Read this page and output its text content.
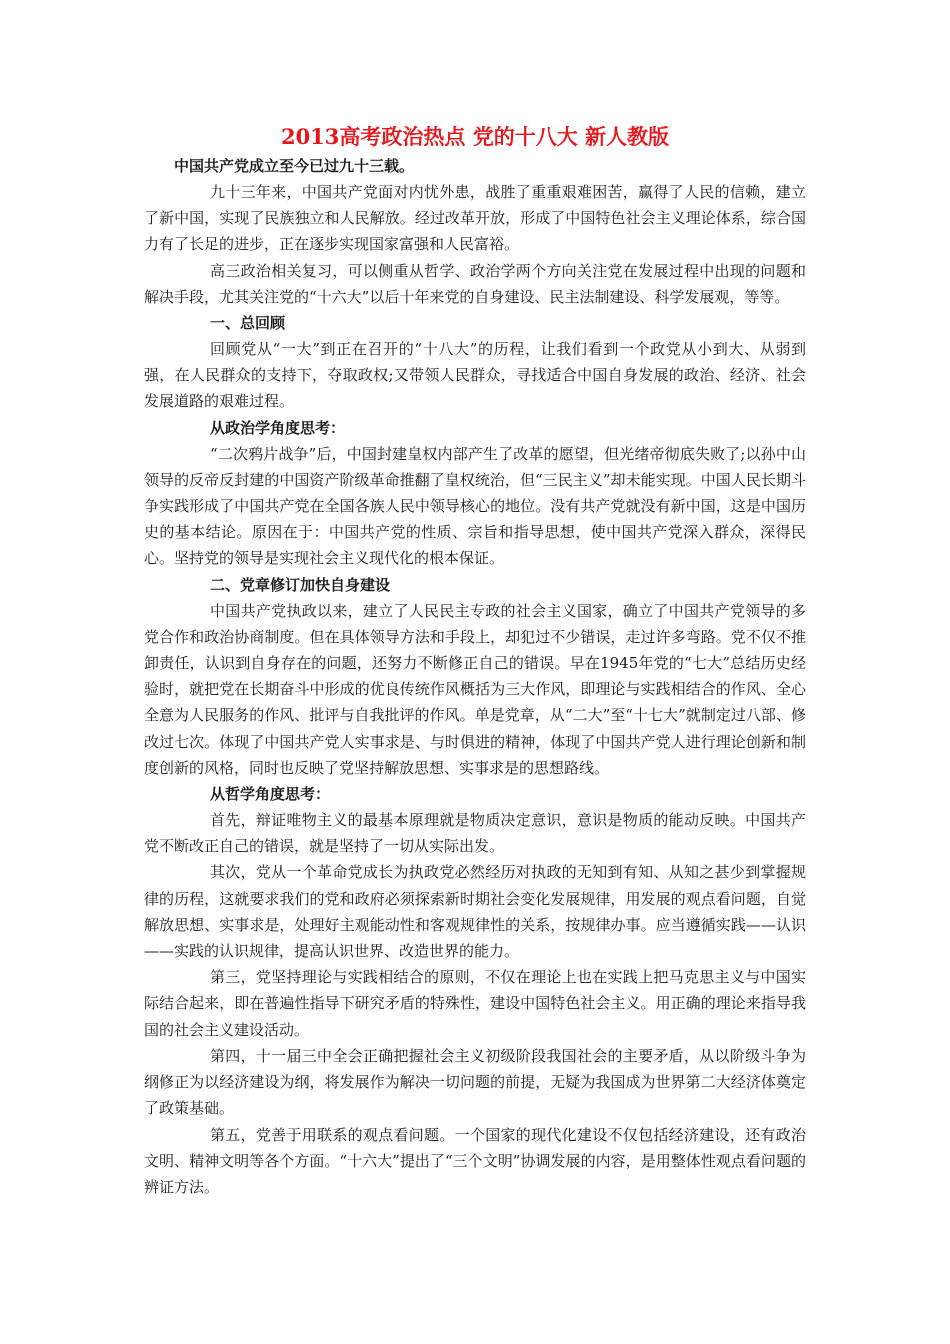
2013高考政治热点 党的十八大 新人教版

中国共产党成立至今已过九十三载。

九十三年来，中国共产党面对内忧外患，战胜了重重艰难困苦，赢得了人民的信赖，建立了新中国，实现了民族独立和人民解放。经过改革开放，形成了中国特色社会主义理论体系，综合国力有了长足的进步，正在逐步实现国家富强和人民富裕。

高三政治相关复习，可以侧重从哲学、政治学两个方向关注党在发展过程中出现的问题和解决手段，尤其关注党的“十六大”以后十年来党的自身建设、民主法制建设、科学发展观，等等。

一、总回顾

回顾党从“一大”到正在召开的“十八大”的历程，让我们看到一个政党从小到大、从弱到强，在人民群众的支持下，夺取政权;又带领人民群众，寻找适合中国自身发展的政治、经济、社会发展道路的艰难过程。

从政治学角度思考：

“二次鸦片战争”后，中国封建皇权内部产生了改革的愿望，但光绪帝彻底失败了;以孙中山领导的反帝反封建的中国资产阶级革命推翻了皇权统治，但“三民主义”却未能实现。中国人民长期斗争实践形成了中国共产党在全国各族人民中领导核心的地位。没有共产党就没有新中国，这是中国历史的基本结论。原因在于：中国共产党的性质、宗旨和指导思想，使中国共产党深入群众，深得民心。坚持党的领导是实现社会主义现代化的根本保证。

二、党章修订加快自身建设

中国共产党执政以来，建立了人民民主专政的社会主义国家，确立了中国共产党领导的多党合作和政治协商制度。但在具体领导方法和手段上，却犯过不少错误，走过许多弯路。党不仅不推卸责任，认识到自身存在的问题，还努力不断修正自己的错误。早在1945年党的“七大”总结历史经验时，就把党在长期奋斗中形成的优良传统作风概括为三大作风，即理论与实践相结合的作风、全心全意为人民服务的作风、批评与自我批评的作风。单是党章，从“二大”至“十七大”就制定过八部、修改过七次。体现了中国共产党人实事求是、与时俱进的精神，体现了中国共产党人进行理论创新和制度创新的风格，同时也反映了党坚持解放思想、实事求是的思想路线。

从哲学角度思考：

首先，辩证唯物主义的最基本原理就是物质决定意识，意识是物质的能动反映。中国共产党不断改正自己的错误，就是坚持了一切从实际出发。

其次，党从一个革命党成长为执政党必然经历对执政的无知到有知、从知之甚少到掌握规律的历程，这就要求我们的党和政府必须探索新时期社会变化发展规律，用发展的观点看问题，自觉解放思想、实事求是，处理好主观能动性和客观规律性的关系，按规律办事。应当遵循实践——认识——实践的认识规律，提高认识世界、改造世界的能力。

第三，党坚持理论与实践相结合的原则，不仅在理论上也在实践上把马克思主义与中国实际结合起来，即在普遍性指导下研究矛盾的特殊性，建设中国特色社会主义。用正确的理论来指导我国的社会主义建设活动。

第四，十一届三中全会正确把握社会主义初级阶段我国社会的主要矛盾，从以阶级斗争为纲修正为以经济建设为纲，将发展作为解决一切问题的前提，无疑为我国成为世界第二大经济体奠定了政策基础。

第五，党善于用联系的观点看问题。一个国家的现代化建设不仅包括经济建设，还有政治文明、精神文明等各个方面。“十六大”提出了“三个文明”协调发展的内容，是用整体性观点看问题的辨证方法。
